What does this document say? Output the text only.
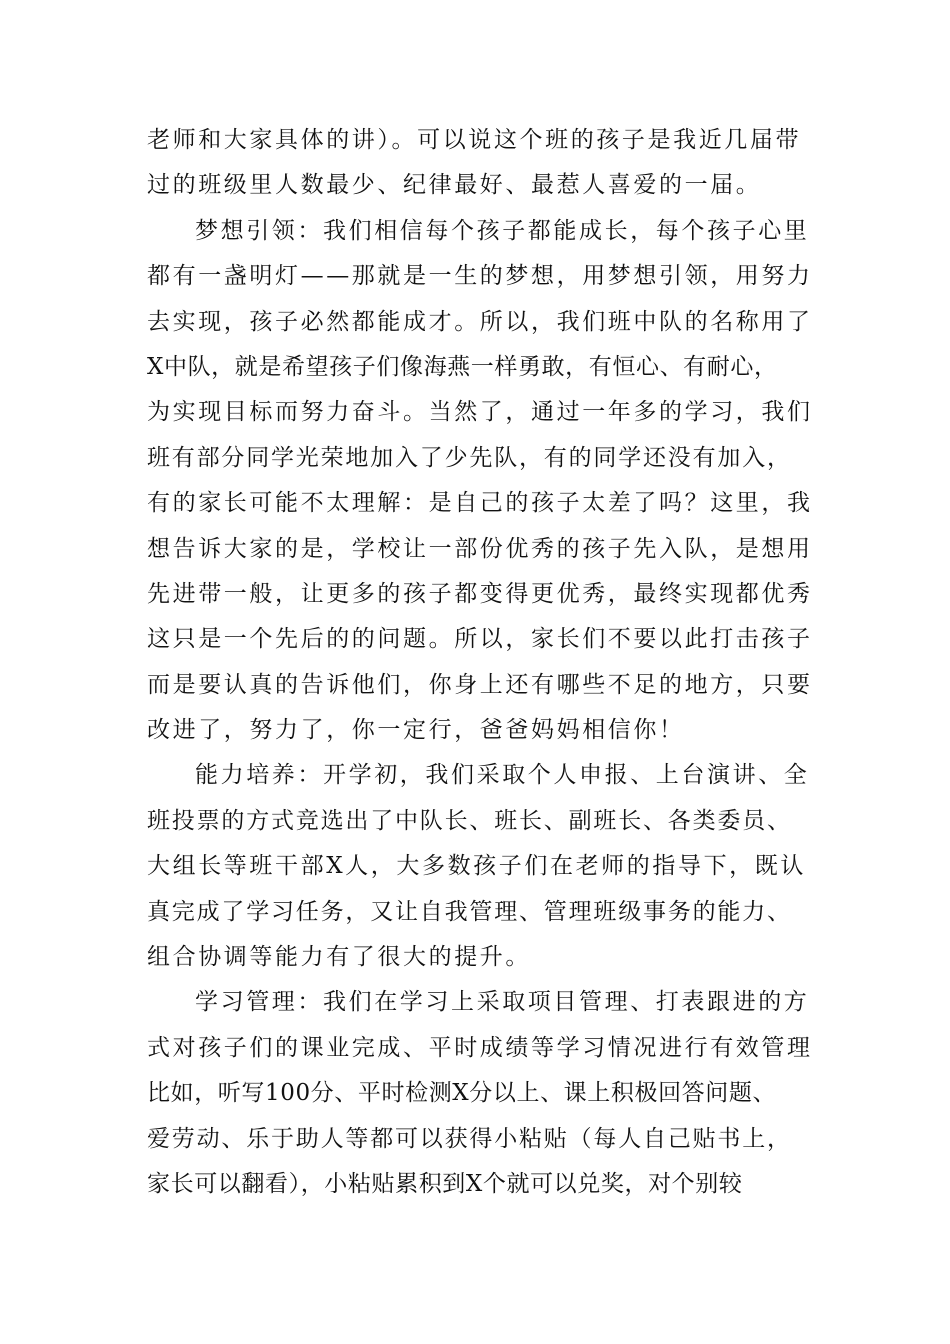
老师和大家具体的讲）。可以说这个班的孩子是我近几届带
过的班级里人数最少、纪律最好、最惹人喜爱的一届。
梦想引领：我们相信每个孩子都能成长，每个孩子心里
都有一盏明灯——那就是一生的梦想，用梦想引领，用努力
去实现，孩子必然都能成才。所以，我们班中队的名称用了
X中队，就是希望孩子们像海燕一样勇敢，有恒心、有耐心，
为实现目标而努力奋斗。当然了，通过一年多的学习，我们
班有部分同学光荣地加入了少先队，有的同学还没有加入，
有的家长可能不太理解：是自己的孩子太差了吗？这里，我
想告诉大家的是，学校让一部份优秀的孩子先入队，是想用
先进带一般，让更多的孩子都变得更优秀，最终实现都优秀
这只是一个先后的的问题。所以，家长们不要以此打击孩子
而是要认真的告诉他们，你身上还有哪些不足的地方，只要
改进了，努力了，你一定行，爸爸妈妈相信你！
能力培养：开学初，我们采取个人申报、上台演讲、全
班投票的方式竞选出了中队长、班长、副班长、各类委员、
大组长等班干部X人，大多数孩子们在老师的指导下，既认
真完成了学习任务，又让自我管理、管理班级事务的能力、
组合协调等能力有了很大的提升。
学习管理：我们在学习上采取项目管理、打表跟进的方
式对孩子们的课业完成、平时成绩等学习情况进行有效管理
比如，听写100分、平时检测X分以上、课上积极回答问题、
爱劳动、乐于助人等都可以获得小粘贴（每人自己贴书上，
家长可以翻看），小粘贴累积到X个就可以兑奖，对个别较
